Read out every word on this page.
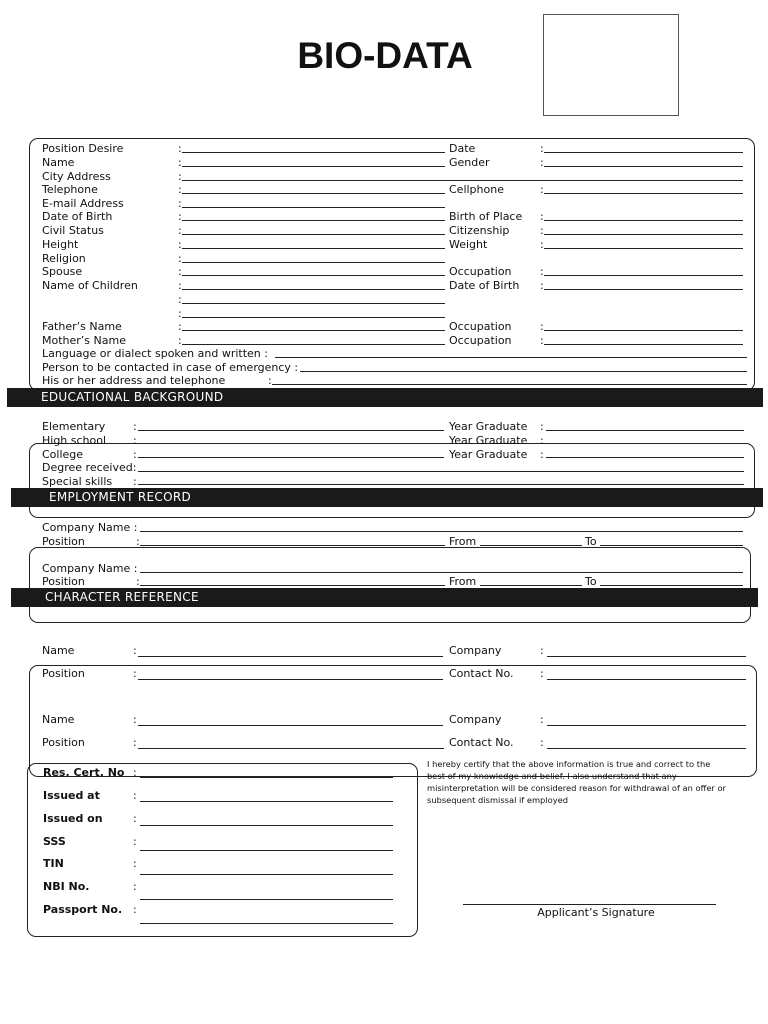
BIO-DATA
Position Desire	:	Date	:
Name	:	Gender	:
City Address	:
Telephone	:	Cellphone	:
E-mail Address	:
Date of Birth	:	Birth of Place :
Civil Status	:	Citizenship	:
Height	:	Weight	:
Religion	:
Spouse	:	Occupation	:
Name of Children	:	Date of Birth :
:
:
Father’s Name	:	Occupation	:
Mother’s Name	:	Occupation	:
Language or dialect spoken and written :
Person to be contacted in case of emergency :
His or her address and telephone	:
EDUCATIONAL BACKGROUND
Elementary	:	Year Graduate :
High school :	Year Graduate :
College	:	Year Graduate :
Degree received:
Special skills :
EMPLOYMENT RECORD
Company Name :
Position	:	From	To
Company Name :
Position	:	From	To
CHARACTER REFERENCE
Name	:	Company	:
Position	:	Contact No. :
Name	:	Company	:
Position	:	Contact No. :
Res. Cert. No :
Issued at	:
Issued on	:
SSS	:
TIN	:
NBI No.	:
Passport No. :
I hereby certify that the above information is true and correct to the best of my knowledge and belief. I also understand that any misinterpretation will be considered reason for withdrawal of an offer or subsequent dismissal if employed
Applicant’s Signature
